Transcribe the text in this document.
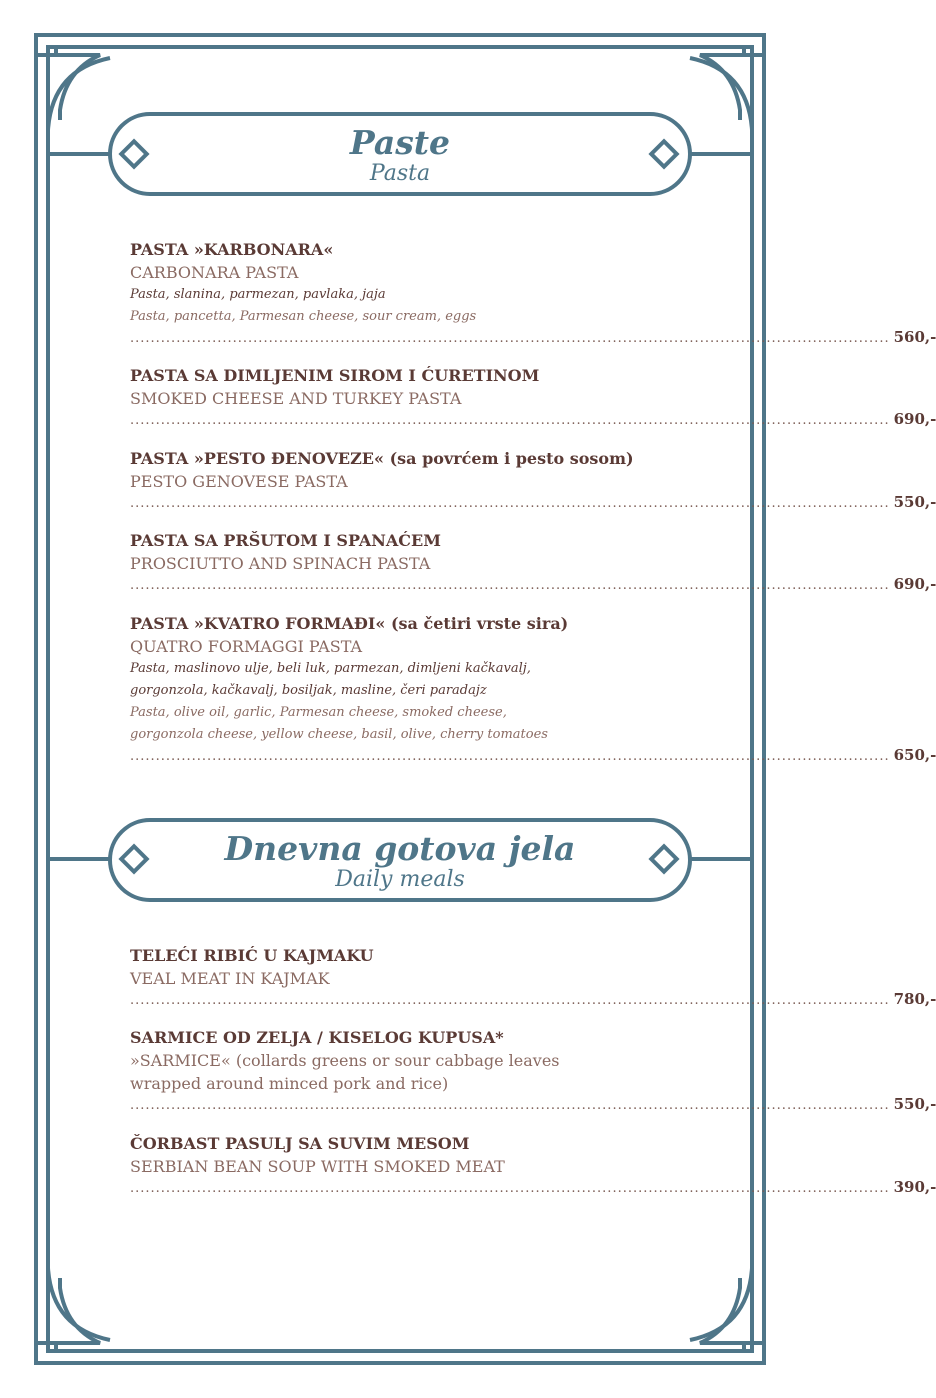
Paste
Pasta
PASTA »KARBONARA«
CARBONARA PASTA
Pasta, slanina, parmezan, pavlaka, jaja
Pasta, pancetta, Parmesan cheese, sour cream, eggs
.................................................................................................................................................... 560,-
PASTA SA DIMLJENIM SIROM I ĆURETINOM
SMOKED CHEESE AND TURKEY PASTA
.................................................................................................................................................... 690,-
PASTA »PESTO ĐENOVEZE« (sa povrćem i pesto sosom)
PESTO GENOVESE PASTA
.................................................................................................................................................... 550,-
PASTA SA PRŠUTOM I SPANAĆEM
PROSCIUTTO AND SPINACH PASTA
.................................................................................................................................................... 690,-
PASTA »KVATRO FORMAĐI« (sa četiri vrste sira)
QUATRO FORMAGGI PASTA
Pasta, maslinovo ulje, beli luk, parmezan, dimljeni kačkavalj,
gorgonzola, kačkavalj, bosiljak, masline, čeri paradajz
Pasta, olive oil, garlic, Parmesan cheese, smoked cheese,
gorgonzola cheese, yellow cheese, basil, olive, cherry tomatoes
.................................................................................................................................................... 650,-
Dnevna gotova jela
Daily meals
TELEĆI RIBIĆ U KAJMAKU
VEAL MEAT IN KAJMAK
.................................................................................................................................................... 780,-
SARMICE OD ZELJA / KISELOG KUPUSA*
»SARMICE« (collards greens or sour cabbage leaves
wrapped around minced pork and rice)
.................................................................................................................................................... 550,-
ČORBAST PASULJ SA SUVIM MESOM
SERBIAN BEAN SOUP WITH SMOKED MEAT
.................................................................................................................................................... 390,-
